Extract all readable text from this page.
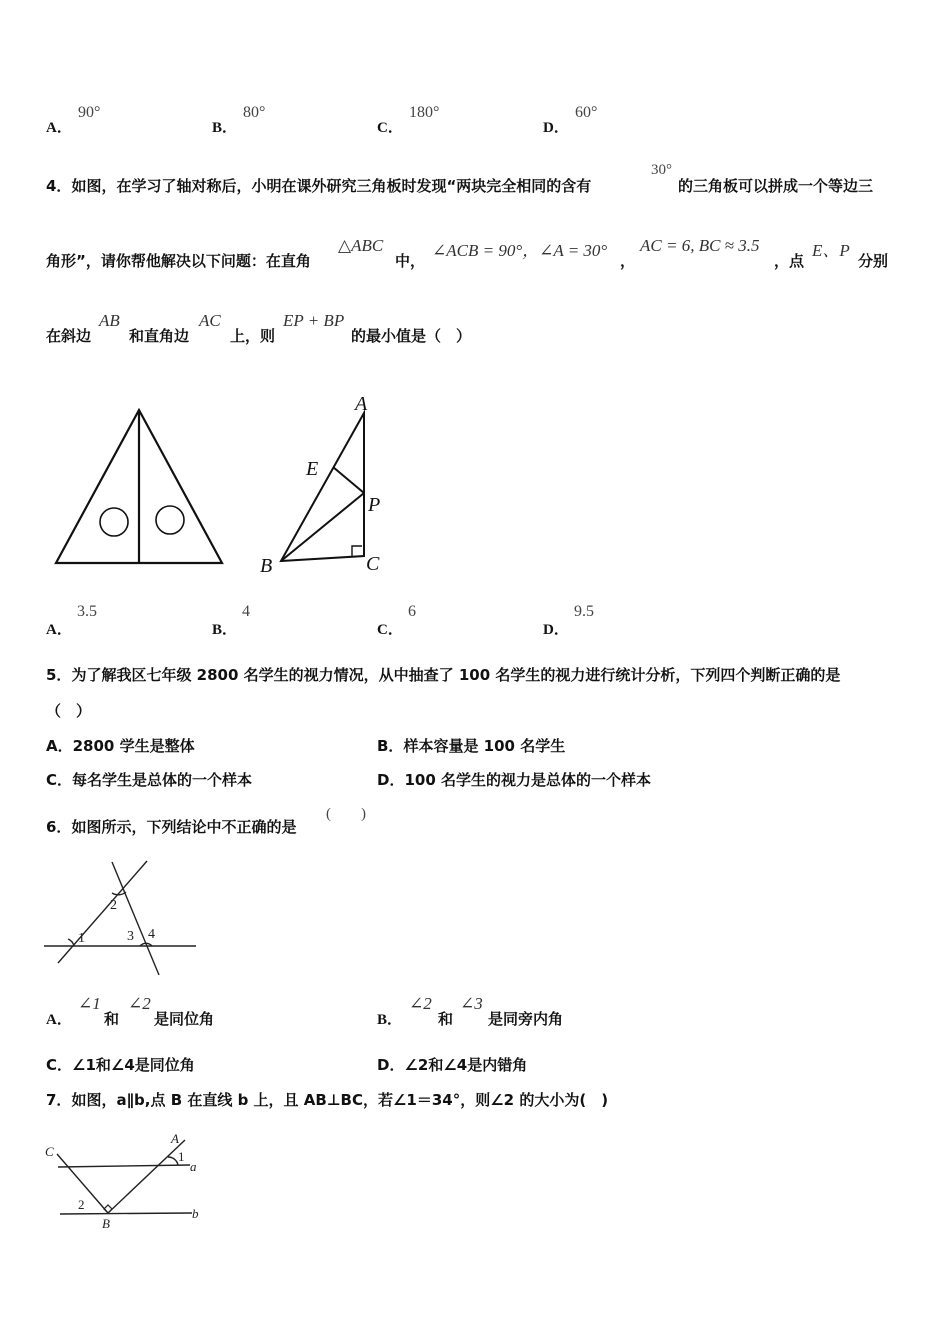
A．
90°
B．
80°
C．
180°
D．
60°
4．如图，在学习了轴对称后，小明在课外研究三角板时发现“两块完全相同的含有
30°
的三角板可以拼成一个等边三
角形”，请你帮他解决以下问题：在直角
△ABC
中，
∠ACB = 90°，∠A = 30°
，
AC = 6, BC ≈ 3.5
，点
E、P
分别
在斜边
AB
和直角边
AC
上，则
EP + BP
的最小值是（　）
A
E
P
B	C
A．
3.5
B．
4
C．
6
D．
9.5
5．为了解我区七年级 2800 名学生的视力情况，从中抽查了 100 名学生的视力进行统计分析，下列四个判断正确的是
（　）
A．2800 学生是整体	B．样本容量是 100 名学生
C．每名学生是总体的一个样本	D．100 名学生的视力是总体的一个样本
6．如图所示，下列结论中不正确的是
(　　)
1
2
3 4
A．
∠1
和
∠2
是同位角	B．
∠2
和
∠3
是同旁内角
C．∠1和∠4是同位角	D．∠2和∠4是内错角
7．如图，a∥b,点 B 在直线 b 上，且 AB⊥BC，若∠1＝34°，则∠2 的大小为(　)
C
A
1
a
2
B
b
